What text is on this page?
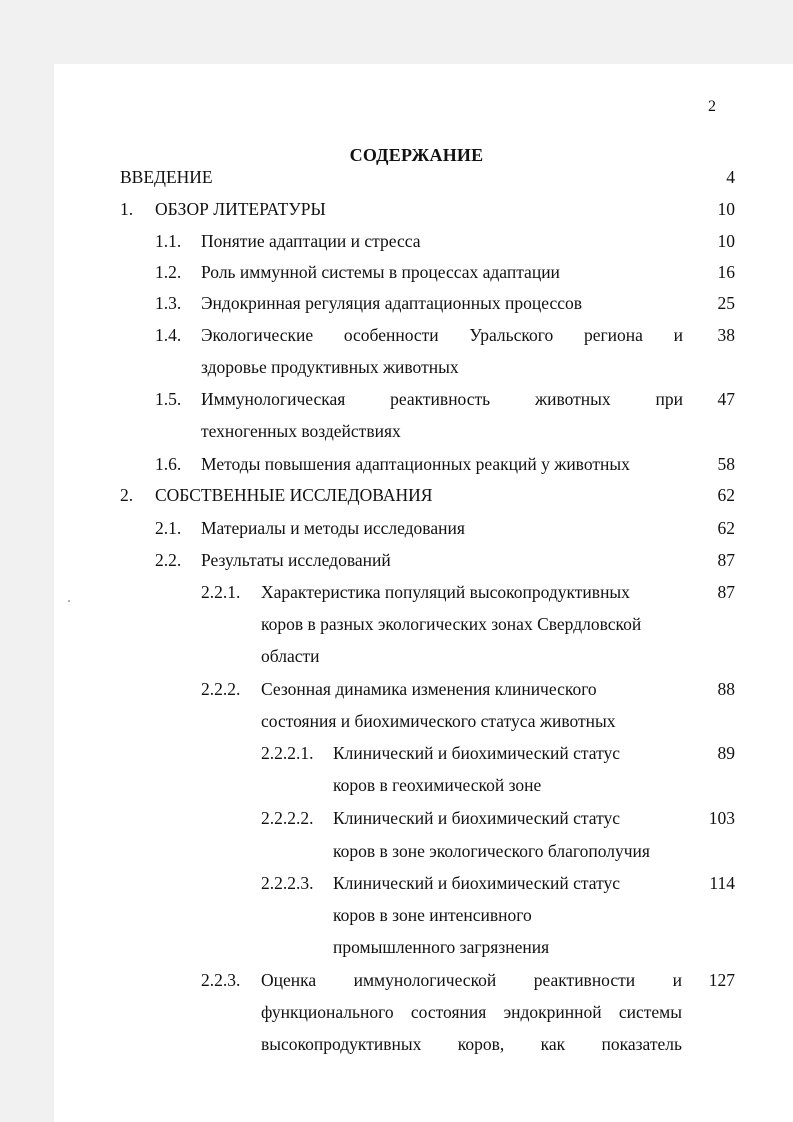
2
СОДЕРЖАНИЕ
ВВЕДЕНИЕ	4
1. ОБЗОР ЛИТЕРАТУРЫ	10
1.1. Понятие адаптации и стресса	10
1.2. Роль иммунной системы в процессах адаптации	16
1.3. Эндокринная регуляция адаптационных процессов	25
1.4. Экологические особенности Уральского региона и 38
здоровье продуктивных животных
1.5. Иммунологическая реактивность животных при 47
техногенных воздействиях
1.6. Методы повышения адаптационных реакций у животных	58
2. СОБСТВЕННЫЕ ИССЛЕДОВАНИЯ	62
2.1. Материалы и методы исследования	62
2.2. Результаты исследований	87
2.2.1. Характеристика популяций высокопродуктивных	87
коров в разных экологических зонах Свердловской
области
2.2.2. Сезонная динамика изменения клинического	88
состояния и биохимического статуса животных
2.2.2.1. Клинический и биохимический статус	89
коров в геохимической зоне
2.2.2.2. Клинический и биохимический статус	103
коров в зоне экологического благополучия
2.2.2.3. Клинический и биохимический статус	114
коров в зоне интенсивного
промышленного загрязнения
2.2.3. Оценка иммунологической реактивности и 127
функционального состояния эндокринной системы
высокопродуктивных коров, как показатель
